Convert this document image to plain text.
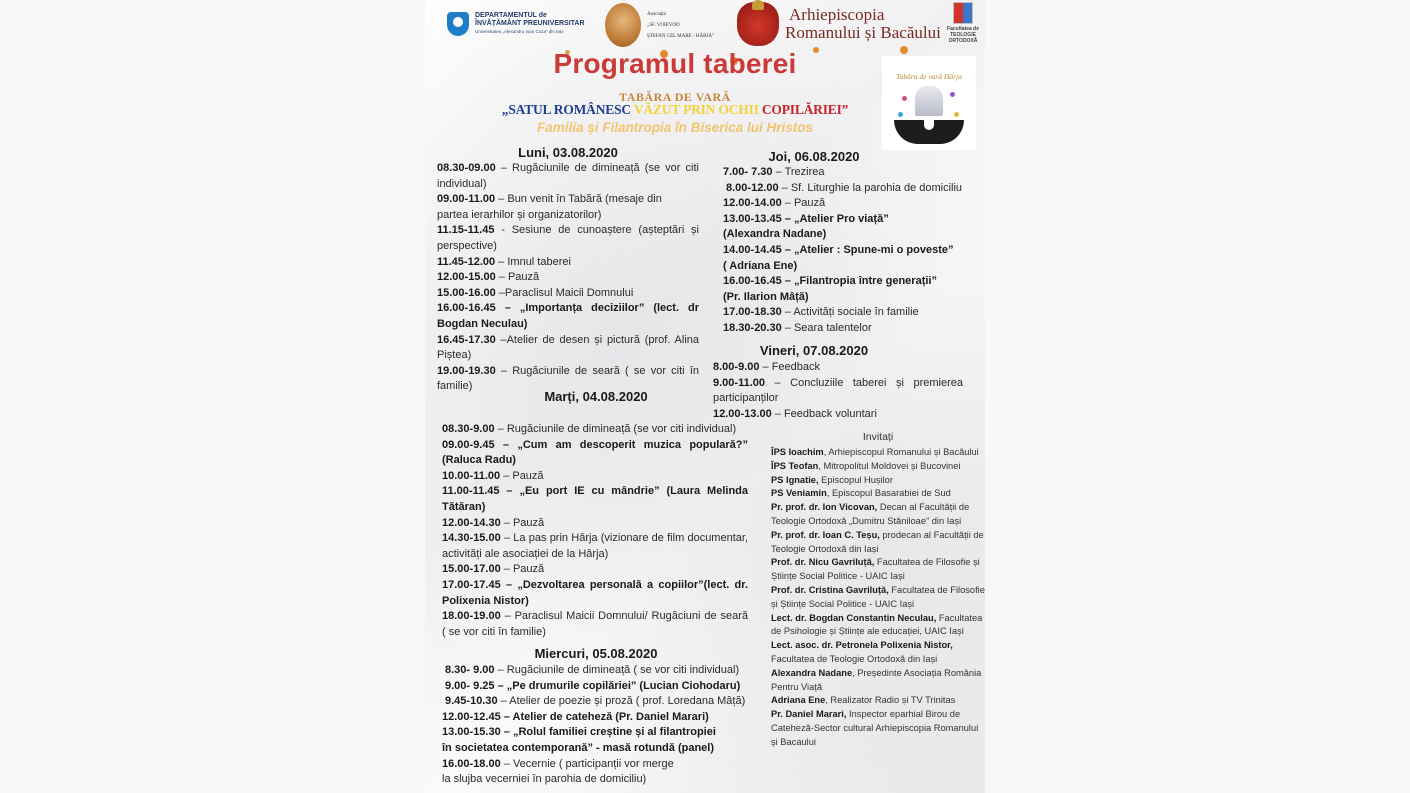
DEPARTAMENTUL de
ÎNVĂȚĂMÂNT PREUNIVERSITAR
Universitatea „Alexandru Ioan Cuza” din Iași
Asociația
„SF. VOIEVOD
ȘTEFAN CEL MARE - HÂRJA”
Arhiepiscopia
Romanului și Bacăului	Facultatea de
TEOLOGIE
ORTODOXĂ
Programul taberei
TABĂRA DE VARĂ
„SATUL ROMÂNESC VĂZUT PRIN OCHII COPILĂRIEI”
Familia și Filantropia în Biserica lui Hristos
Tabăra de vară Hârja
Luni, 03.08.2020
08.30-09.00 – Rugăciunile de dimineață (se vor citi individual)
09.00-11.00 – Bun venit în Tabără (mesaje din partea ierarhilor și organizatorilor)
11.15-11.45 - Sesiune de cunoaștere (așteptări și perspective)
11.45-12.00 – Imnul taberei
12.00-15.00 – Pauză
15.00-16.00 –Paraclisul Maicii Domnului
16.00-16.45 – „Importanța deciziilor” (lect. dr Bogdan Neculau)
16.45-17.30 –Atelier de desen și pictură (prof. Alina Piștea)
19.00-19.30 – Rugăciunile de seară ( se vor citi în familie)
Marți, 04.08.2020
08.30-9.00 – Rugăciunile de dimineață (se vor citi individual)
09.00-9.45 – „Cum am descoperit muzica populară?” (Raluca Radu)
10.00-11.00 – Pauză
11.00-11.45 – „Eu port IE cu mândrie” (Laura Melinda Tătăran)
12.00-14.30 – Pauză
14.30-15.00 – La pas prin Hârja (vizionare de film documentar, activități ale asociației de la Hârja)
15.00-17.00 – Pauză
17.00-17.45 – „Dezvoltarea personală a copiilor”(lect. dr. Polixenia Nistor)
18.00-19.00 – Paraclisul Maicii Domnului/ Rugăciuni de seară ( se vor citi în familie)
Miercuri, 05.08.2020
8.30- 9.00 – Rugăciunile de dimineață ( se vor citi individual)
9.00- 9.25 – „Pe drumurile copilăriei” (Lucian Ciohodaru)
9.45-10.30 – Atelier de poezie și proză ( prof. Loredana Mâță)
12.00-12.45 – Atelier de cateheză (Pr. Daniel Marari)
13.00-15.30 – „Rolul familiei creștine și al filantropiei
în societatea contemporană” - masă rotundă (panel)
16.00-18.00 – Vecernie ( participanții vor merge
la slujba vecerniei în parohia de domiciliu)
Joi, 06.08.2020
7.00- 7.30 – Trezirea
8.00-12.00 – Sf. Liturghie la parohia de domiciliu
12.00-14.00 – Pauză
13.00-13.45 – „Atelier Pro viață”
(Alexandra Nadane)
14.00-14.45 – „Atelier : Spune-mi o poveste”
( Adriana Ene)
16.00-16.45 – „Filantropia între generații”
(Pr. Ilarion Mâță)
17.00-18.30 – Activități sociale în familie
18.30-20.30 – Seara talentelor
Vineri, 07.08.2020
8.00-9.00 – Feedback
9.00-11.00 – Concluziile taberei și premierea participanților
12.00-13.00 – Feedback voluntari
Invitați
ÎPS Ioachim, Arhiepiscopul Romanului și Bacăului
ÎPS Teofan, Mitropolitul Moldovei și Bucovinei
PS Ignatie, Episcopul Hușilor
PS Veniamin, Episcopul Basarabiei de Sud
Pr. prof. dr. Ion Vicovan, Decan al Facultății de Teologie Ortodoxă „Dumitru Stăniloae” din Iași
Pr. prof. dr. Ioan C. Teșu, prodecan al Facultății de Teologie Ortodoxă din Iași
Prof. dr. Nicu Gavriluță, Facultatea de Filosofie și Științe Social Politice - UAIC Iași
Prof. dr. Cristina Gavriluță, Facultatea de Filosofie și Științe Social Politice - UAIC Iași
Lect. dr. Bogdan Constantin Neculau, Facultatea de Psihologie și Științe ale educației, UAIC Iași
Lect. asoc. dr. Petronela Polixenia Nistor, Facultatea de Teologie Ortodoxă din Iași
Alexandra Nadane, Președinte Asociația România Pentru Viață
Adriana Ene, Realizator Radio și TV Trinitas
Pr. Daniel Marari, Inspector eparhial Birou de Cateheză-Sector cultural Arhiepiscopia Romanului și Bacaului
